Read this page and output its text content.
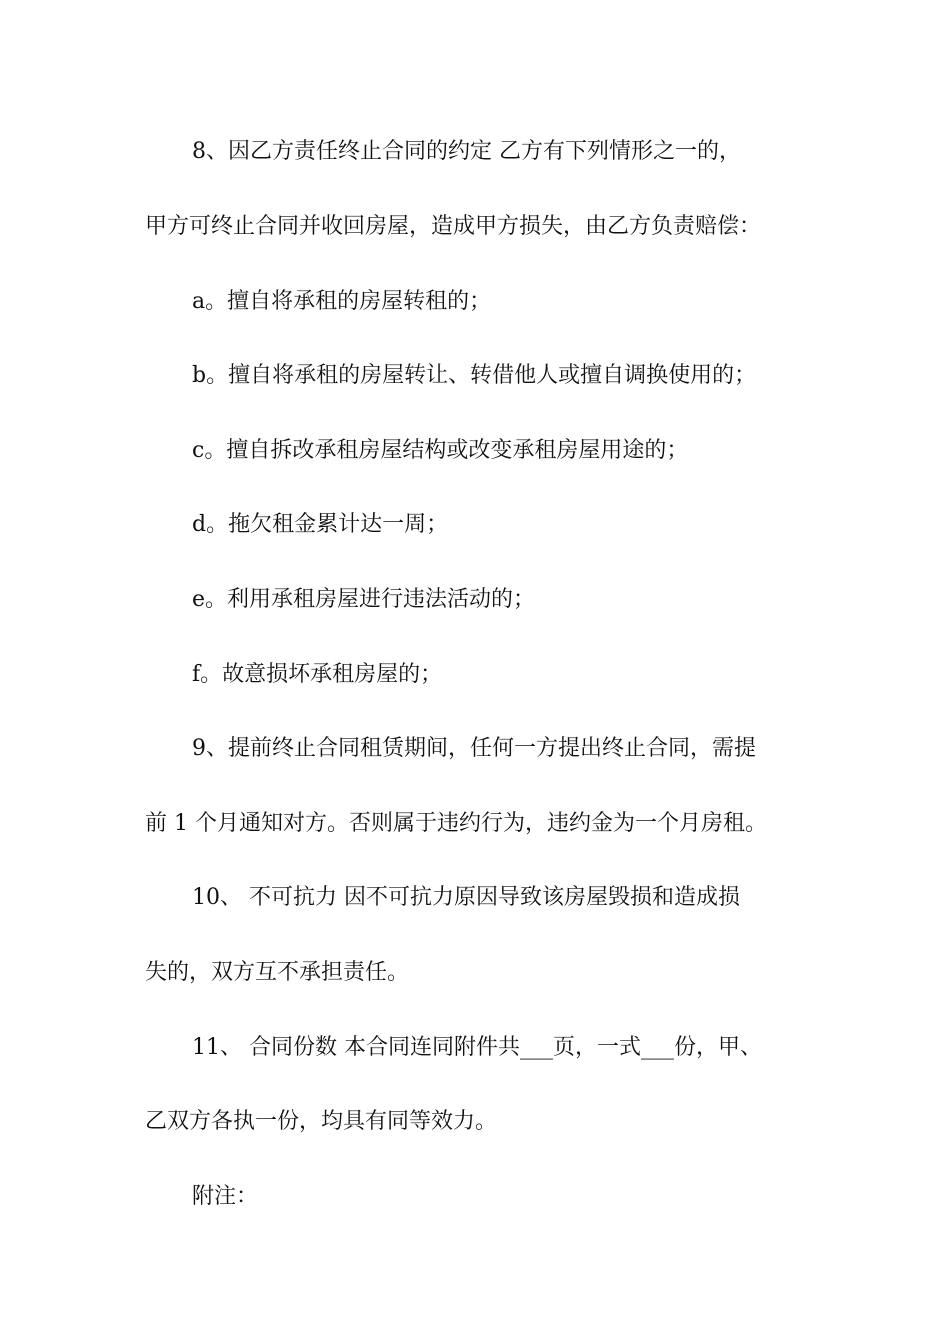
8、因乙方责任终止合同的约定 乙方有下列情形之一的，
甲方可终止合同并收回房屋，造成甲方损失，由乙方负责赔偿：
a。擅自将承租的房屋转租的；
b。擅自将承租的房屋转让、转借他人或擅自调换使用的；
c。擅自拆改承租房屋结构或改变承租房屋用途的；
d。拖欠租金累计达一周；
e。利用承租房屋进行违法活动的；
f。故意损坏承租房屋的；
9、提前终止合同租赁期间，任何一方提出终止合同，需提
前 1 个月通知对方。否则属于违约行为，违约金为一个月房租。
10、 不可抗力 因不可抗力原因导致该房屋毁损和造成损
失的，双方互不承担责任。
11、 合同份数 本合同连同附件共___页，一式___份，甲、
乙双方各执一份，均具有同等效力。
附注：
